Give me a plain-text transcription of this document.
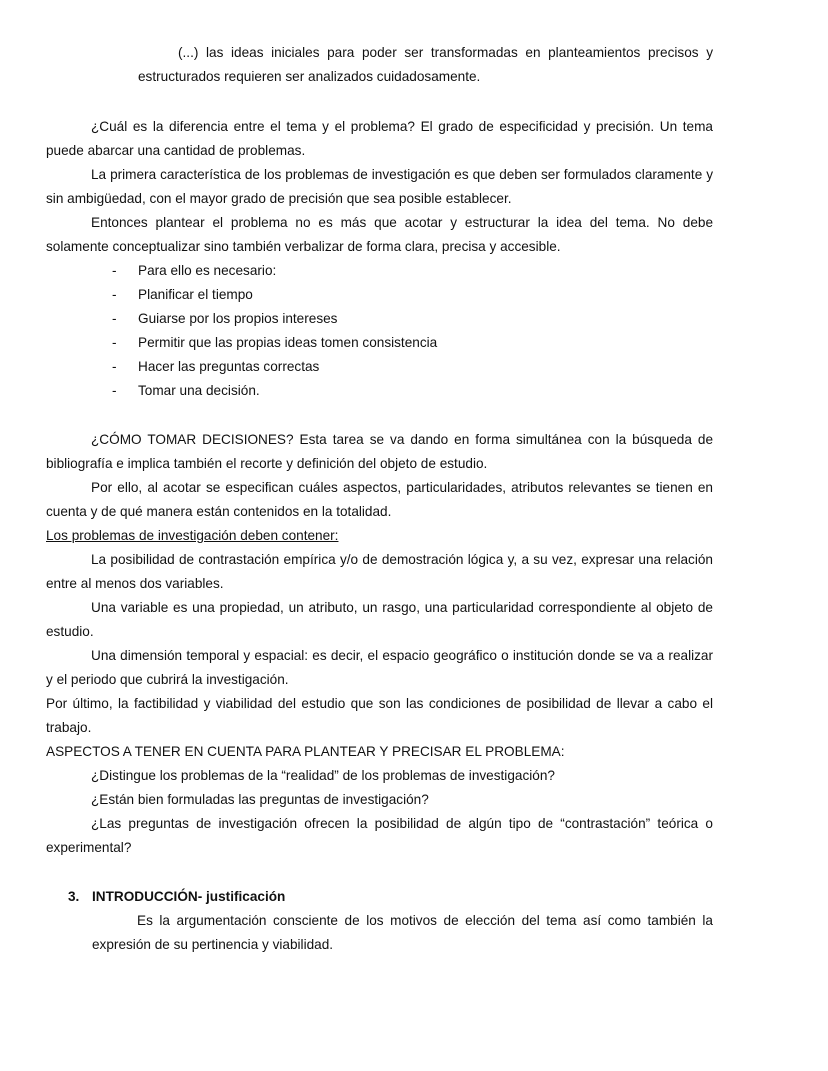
(...) las ideas iniciales para poder ser transformadas en planteamientos precisos y estructurados requieren ser analizados cuidadosamente.

¿Cuál es la diferencia entre el tema y el problema? El grado de especificidad y precisión. Un tema puede abarcar una cantidad de problemas.

La primera característica de los problemas de investigación es que deben ser formulados claramente y sin ambigüedad, con el mayor grado de precisión que sea posible establecer.

Entonces plantear el problema no es más que acotar y estructurar la idea del tema. No debe solamente conceptualizar sino también verbalizar de forma clara, precisa y accesible.

- Para ello es necesario:
- Planificar el tiempo
- Guiarse por los propios intereses
- Permitir que las propias ideas tomen consistencia
- Hacer las preguntas correctas
- Tomar una decisión.

¿CÓMO TOMAR DECISIONES? Esta tarea se va dando en forma simultánea con la búsqueda de bibliografía e implica también el recorte y definición del objeto de estudio.

Por ello, al acotar se especifican cuáles aspectos, particularidades, atributos relevantes se tienen en cuenta y de qué manera están contenidos en la totalidad.

Los problemas de investigación deben contener:

La posibilidad de contrastación empírica y/o de demostración lógica y, a su vez, expresar una relación entre al menos dos variables.

Una variable es una propiedad, un atributo, un rasgo, una particularidad correspondiente al objeto de estudio.

Una dimensión temporal y espacial: es decir, el espacio geográfico o institución donde se va a realizar y el periodo que cubrirá la investigación.

Por último, la factibilidad y viabilidad del estudio que son las condiciones de posibilidad de llevar a cabo el trabajo.

ASPECTOS A TENER EN CUENTA PARA PLANTEAR Y PRECISAR EL PROBLEMA:

¿Distingue los problemas de la “realidad” de los problemas de investigación?

¿Están bien formuladas las preguntas de investigación?

¿Las preguntas de investigación ofrecen la posibilidad de algún tipo de “contrastación” teórica o experimental?

3. INTRODUCCIÓN- justificación

Es la argumentación consciente de los motivos de elección del tema así como también la expresión de su pertinencia y viabilidad.
